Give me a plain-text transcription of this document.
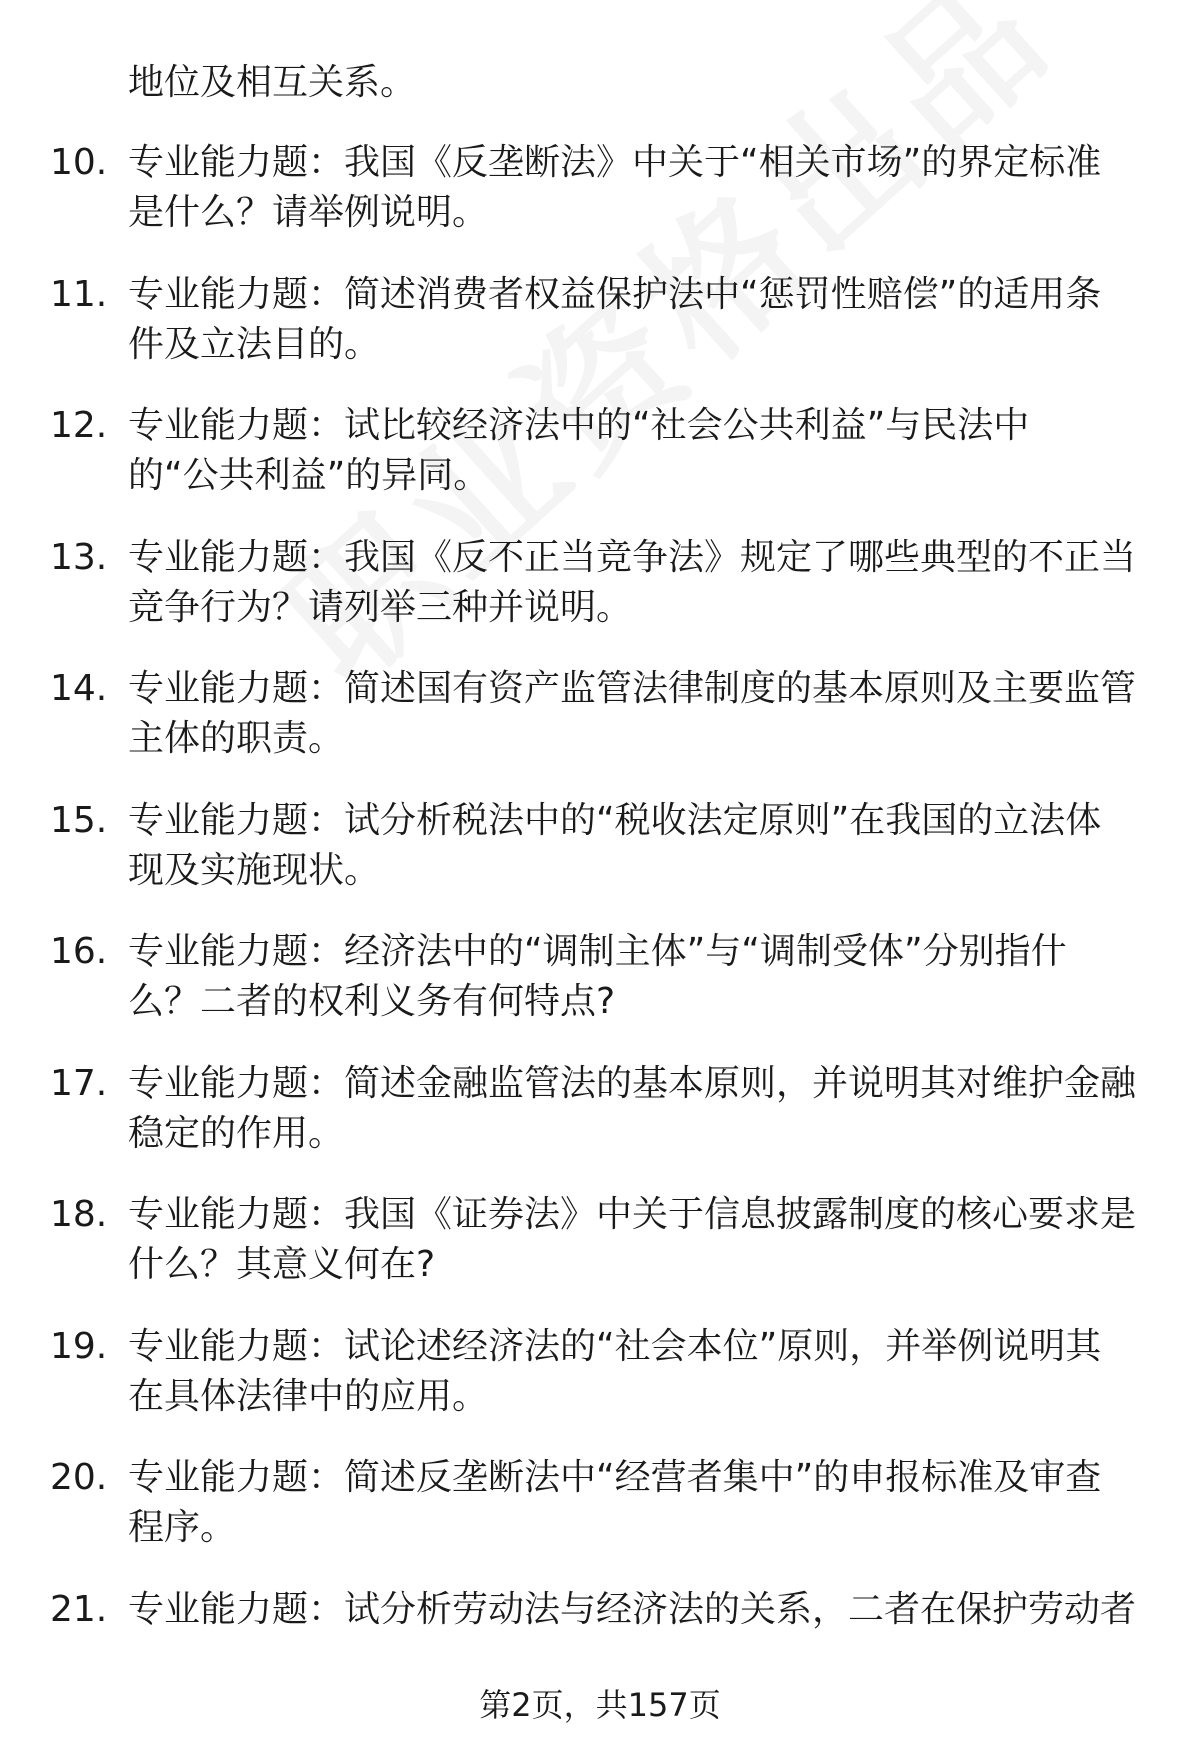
地位及相互关系。
10. 专业能力题：我国《反垄断法》中关于“相关市场”的界定标准
是什么？请举例说明。
11. 专业能力题：简述消费者权益保护法中“惩罚性赔偿”的适用条
件及立法目的。
12. 专业能力题：试比较经济法中的“社会公共利益”与民法中
的“公共利益”的异同。
13. 专业能力题：我国《反不正当竞争法》规定了哪些典型的不正当
竞争行为？请列举三种并说明。
14. 专业能力题：简述国有资产监管法律制度的基本原则及主要监管
主体的职责。
15. 专业能力题：试分析税法中的“税收法定原则”在我国的立法体
现及实施现状。
16. 专业能力题：经济法中的“调制主体”与“调制受体”分别指什
么？二者的权利义务有何特点?
17. 专业能力题：简述金融监管法的基本原则，并说明其对维护金融
稳定的作用。
18. 专业能力题：我国《证券法》中关于信息披露制度的核心要求是
什么？其意义何在?
19. 专业能力题：试论述经济法的“社会本位”原则，并举例说明其
在具体法律中的应用。
20. 专业能力题：简述反垄断法中“经营者集中”的申报标准及审查
程序。
21. 专业能力题：试分析劳动法与经济法的关系，二者在保护劳动者
第2页，共157页
